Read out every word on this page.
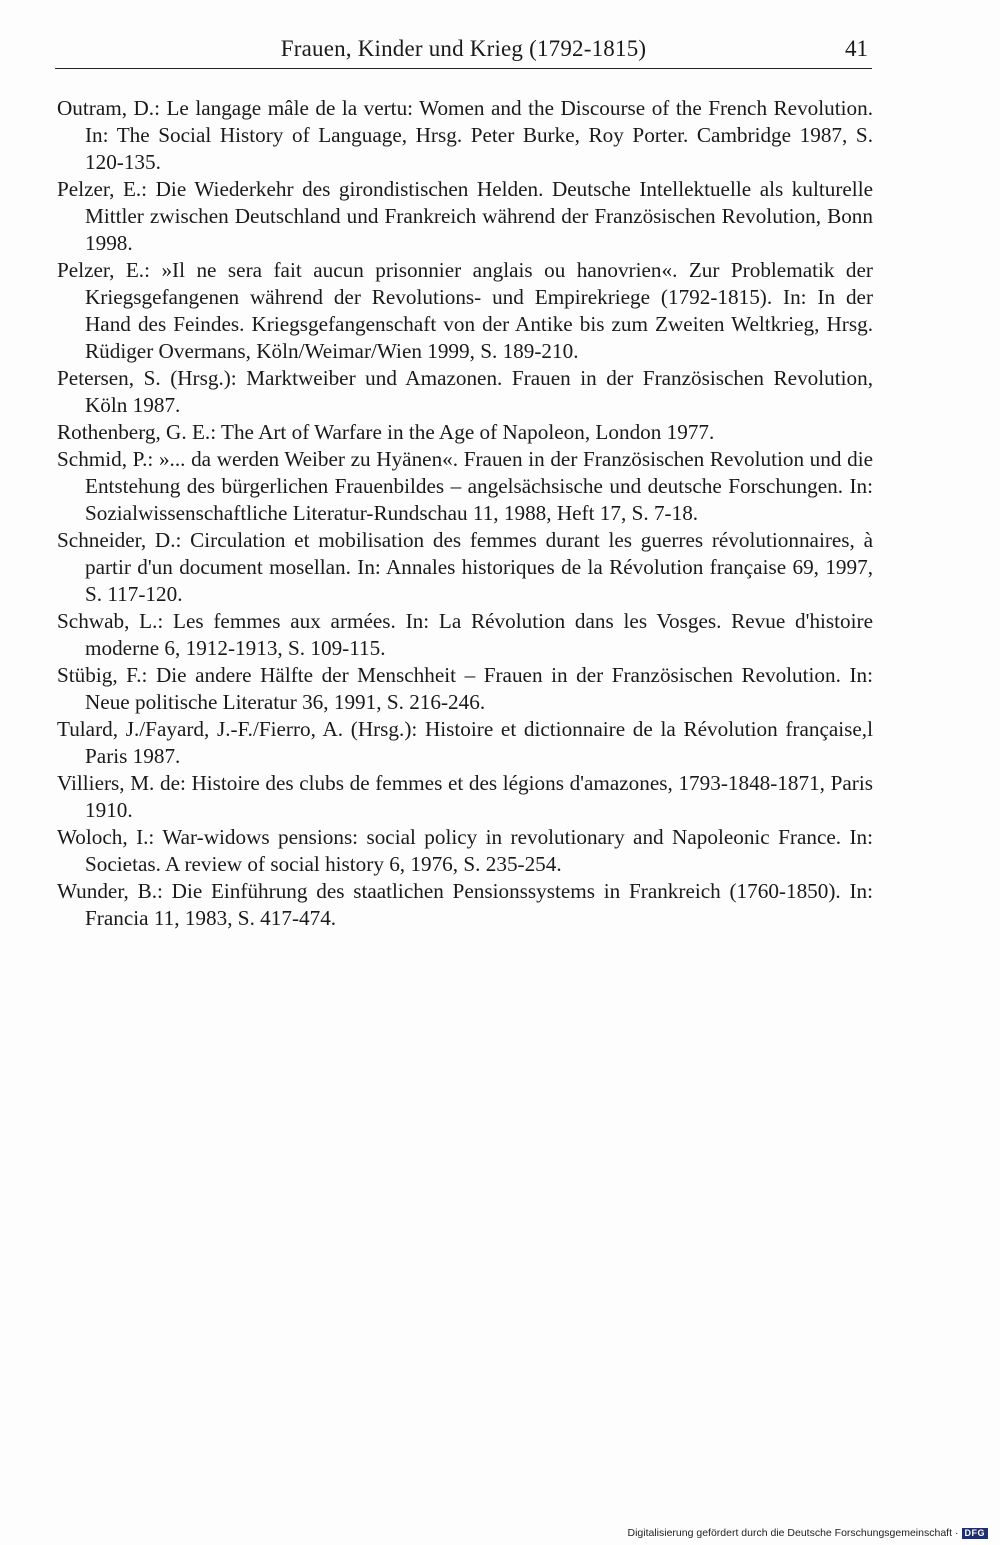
Frauen, Kinder und Krieg (1792-1815)	41
Outram, D.: Le langage mâle de la vertu: Women and the Discourse of the French Revolution. In: The Social History of Language, Hrsg. Peter Burke, Roy Porter. Cambridge 1987, S. 120-135.
Pelzer, E.: Die Wiederkehr des girondistischen Helden. Deutsche Intellektuelle als kulturelle Mittler zwischen Deutschland und Frankreich während der Französischen Revolution, Bonn 1998.
Pelzer, E.: »Il ne sera fait aucun prisonnier anglais ou hanovrien«. Zur Problematik der Kriegsgefangenen während der Revolutions- und Empirekriege (1792-1815). In: In der Hand des Feindes. Kriegsgefangenschaft von der Antike bis zum Zweiten Weltkrieg, Hrsg. Rüdiger Overmans, Köln/Weimar/Wien 1999, S. 189-210.
Petersen, S. (Hrsg.): Marktweiber und Amazonen. Frauen in der Französischen Revolution, Köln 1987.
Rothenberg, G. E.: The Art of Warfare in the Age of Napoleon, London 1977.
Schmid, P.: »... da werden Weiber zu Hyänen«. Frauen in der Französischen Revolution und die Entstehung des bürgerlichen Frauenbildes – angelsächsische und deutsche Forschungen. In: Sozialwissenschaftliche Literatur-Rundschau 11, 1988, Heft 17, S. 7-18.
Schneider, D.: Circulation et mobilisation des femmes durant les guerres révolutionnaires, à partir d'un document mosellan. In: Annales historiques de la Révolution française 69, 1997, S. 117-120.
Schwab, L.: Les femmes aux armées. In: La Révolution dans les Vosges. Revue d'histoire moderne 6, 1912-1913, S. 109-115.
Stübig, F.: Die andere Hälfte der Menschheit – Frauen in der Französischen Revolution. In: Neue politische Literatur 36, 1991, S. 216-246.
Tulard, J./Fayard, J.-F./Fierro, A. (Hrsg.): Histoire et dictionnaire de la Révolution française,l Paris 1987.
Villiers, M. de: Histoire des clubs de femmes et des légions d'amazones, 1793-1848-1871, Paris 1910.
Woloch, I.: War-widows pensions: social policy in revolutionary and Napoleonic France. In: Societas. A review of social history 6, 1976, S. 235-254.
Wunder, B.: Die Einführung des staatlichen Pensionssystems in Frankreich (1760-1850). In: Francia 11, 1983, S. 417-474.
Digitalisierung gefördert durch die Deutsche Forschungsgemeinschaft · DFG
